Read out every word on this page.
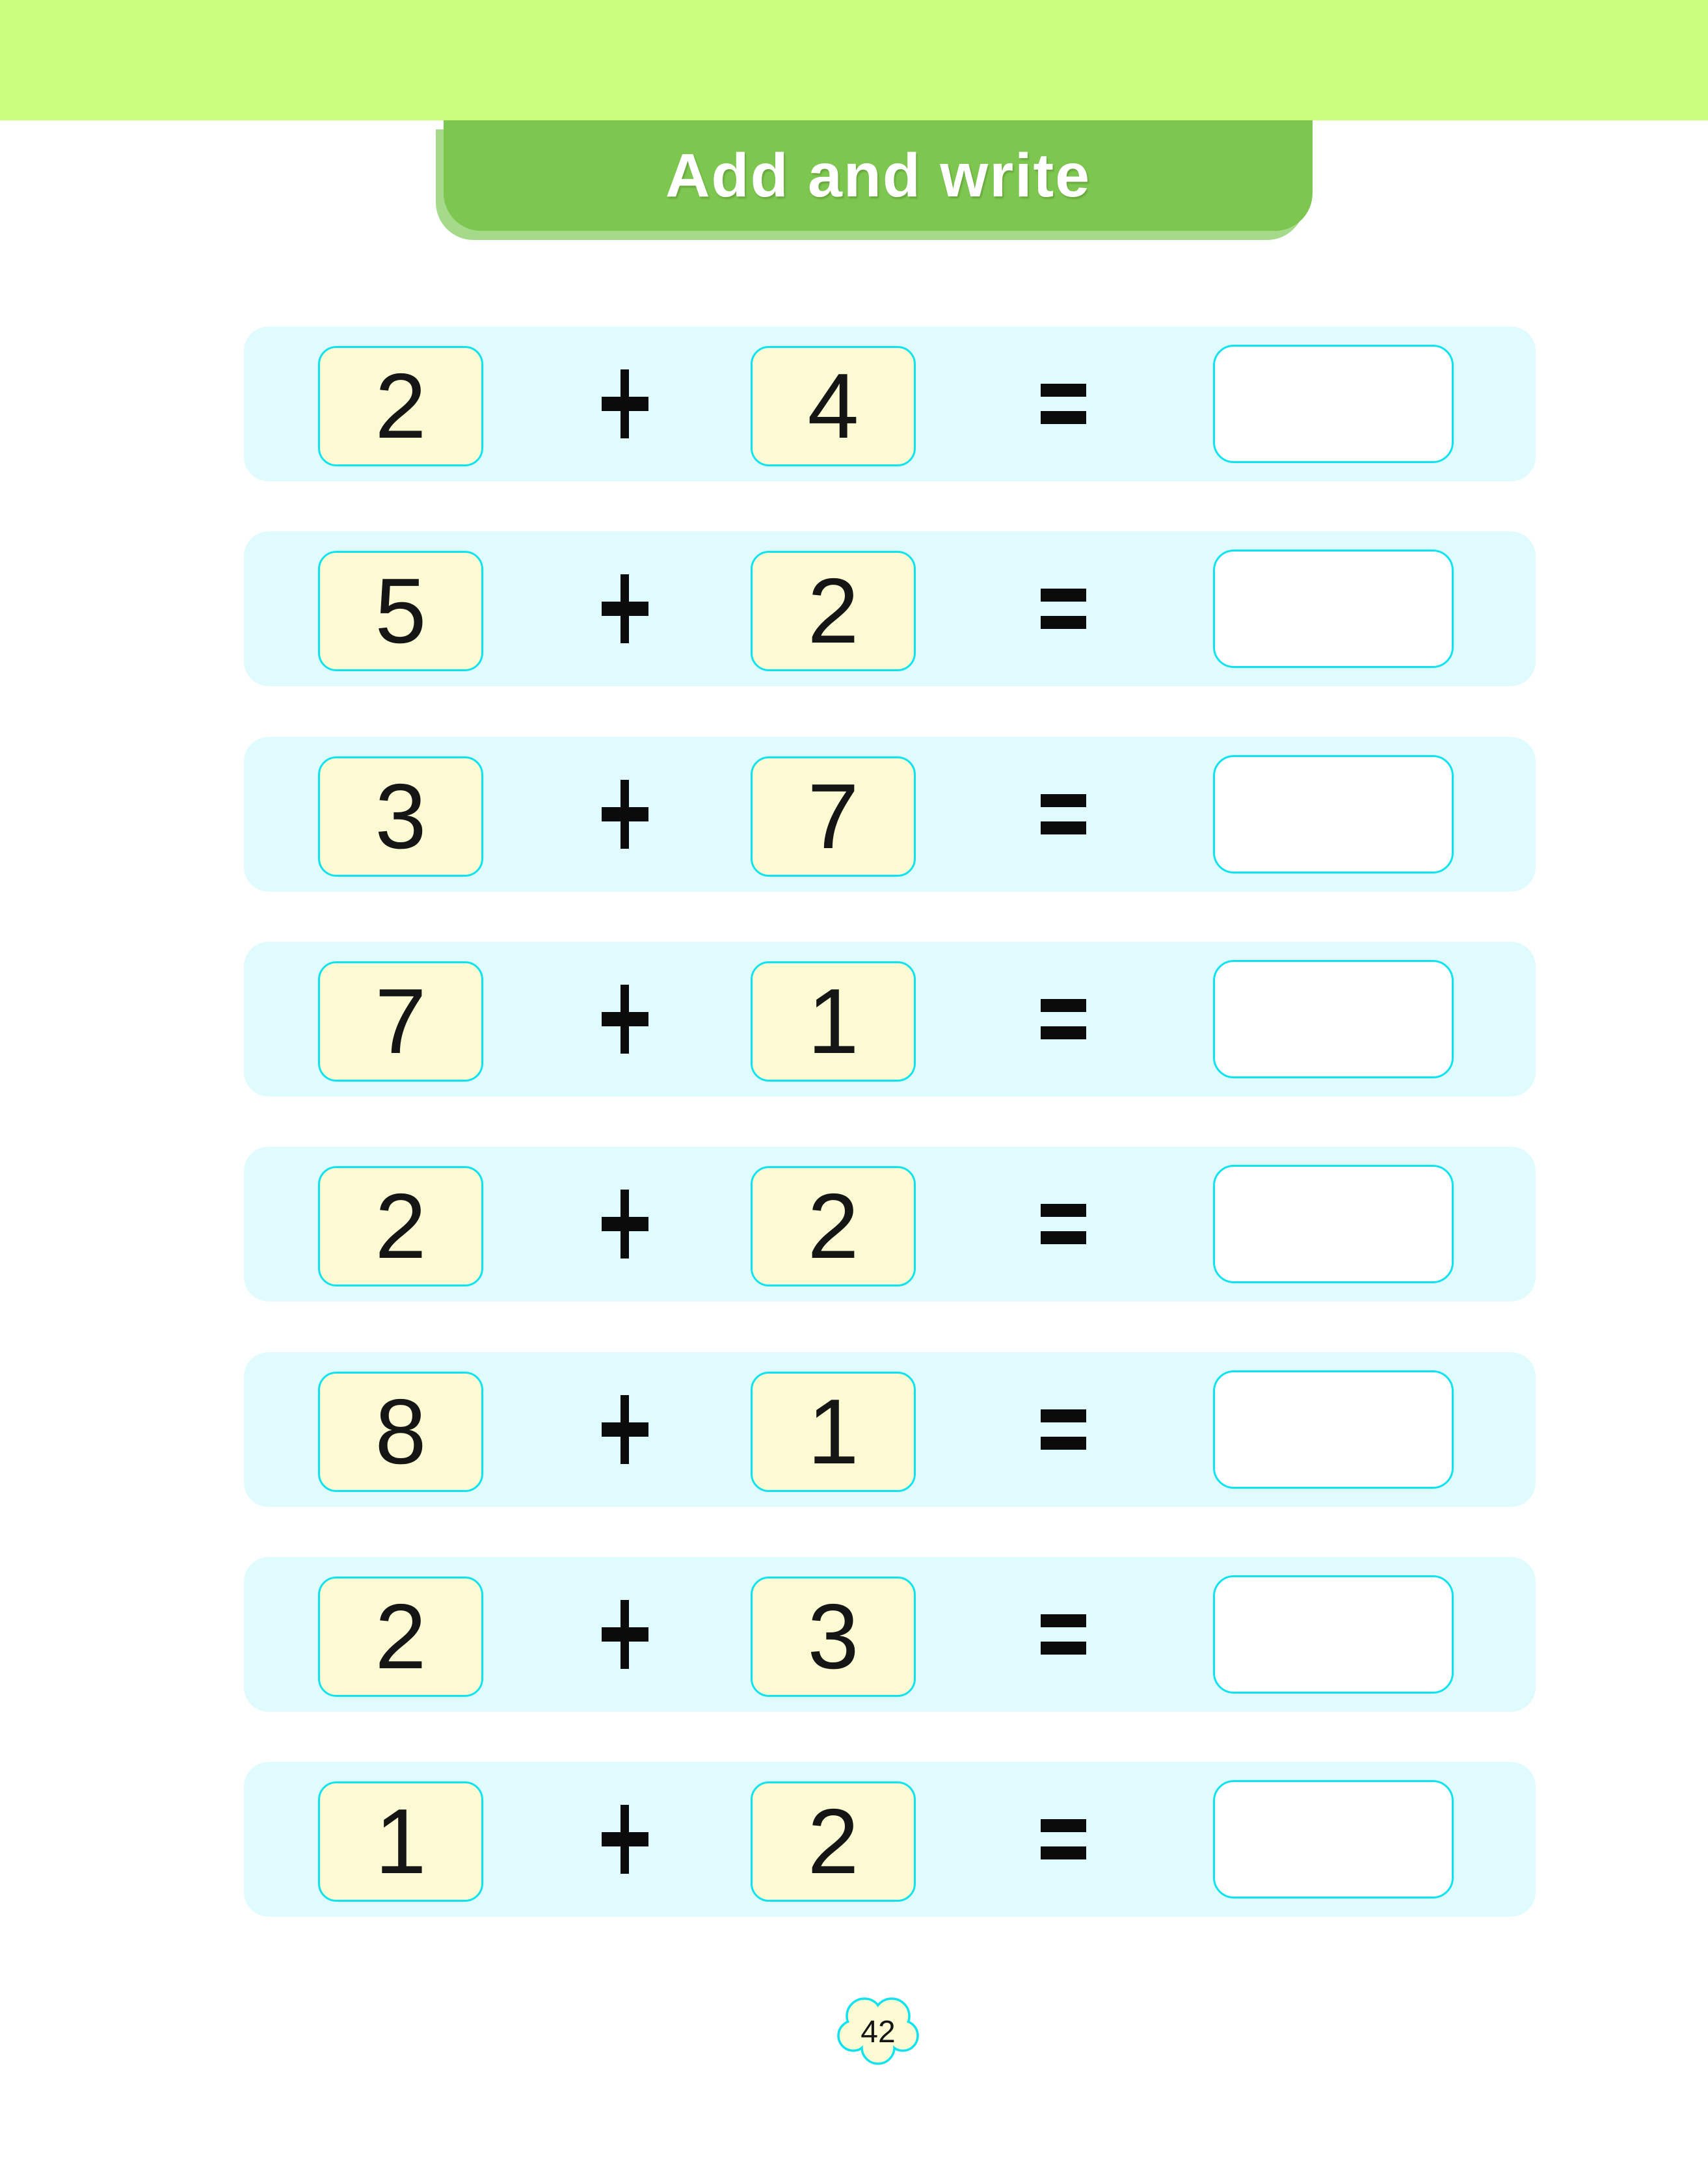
Add and write
2	4
5	2
3	7
7	1
2	2
8	1
2	3
1	2
42
